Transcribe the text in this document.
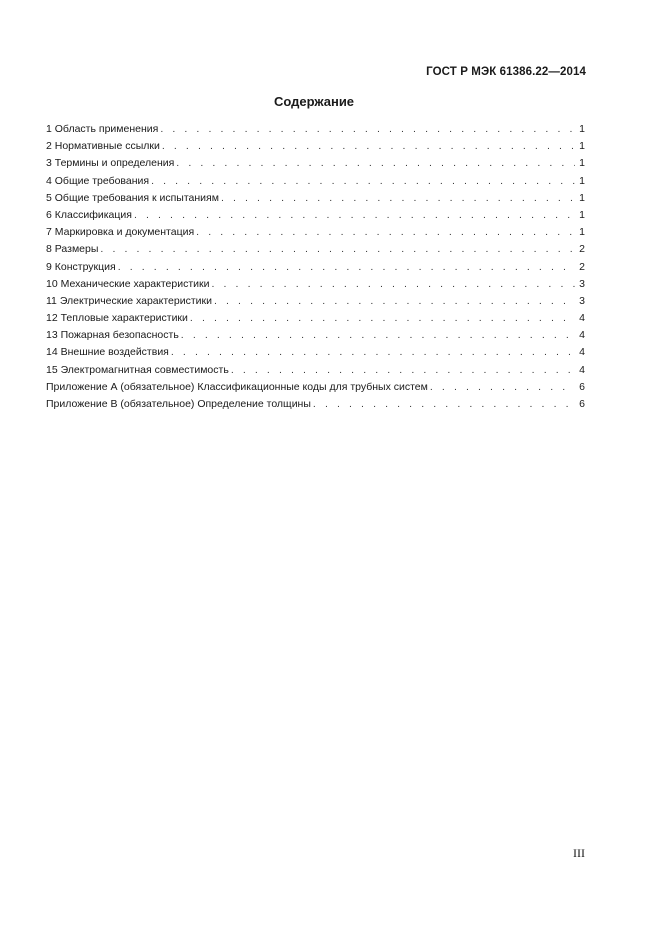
ГОСТ Р МЭК 61386.22—2014
Содержание
1 Область применения . . .	1
2 Нормативные ссылки . . .	1
3 Термины и определения . . .	1
4 Общие требования . . .	1
5 Общие требования к испытаниям . . .	1
6 Классификация . . .	1
7 Маркировка и документация . . .	1
8 Размеры . . .	2
9 Конструкция . . .	2
10 Механические характеристики . . .	3
11 Электрические характеристики . . .	3
12 Тепловые характеристики . . .	4
13 Пожарная безопасность . . .	4
14 Внешние воздействия . . .	4
15 Электромагнитная совместимость . . .	4
Приложение А (обязательное) Классификационные коды для трубных систем . . .	6
Приложение В (обязательное) Определение толщины . . .	6
III
